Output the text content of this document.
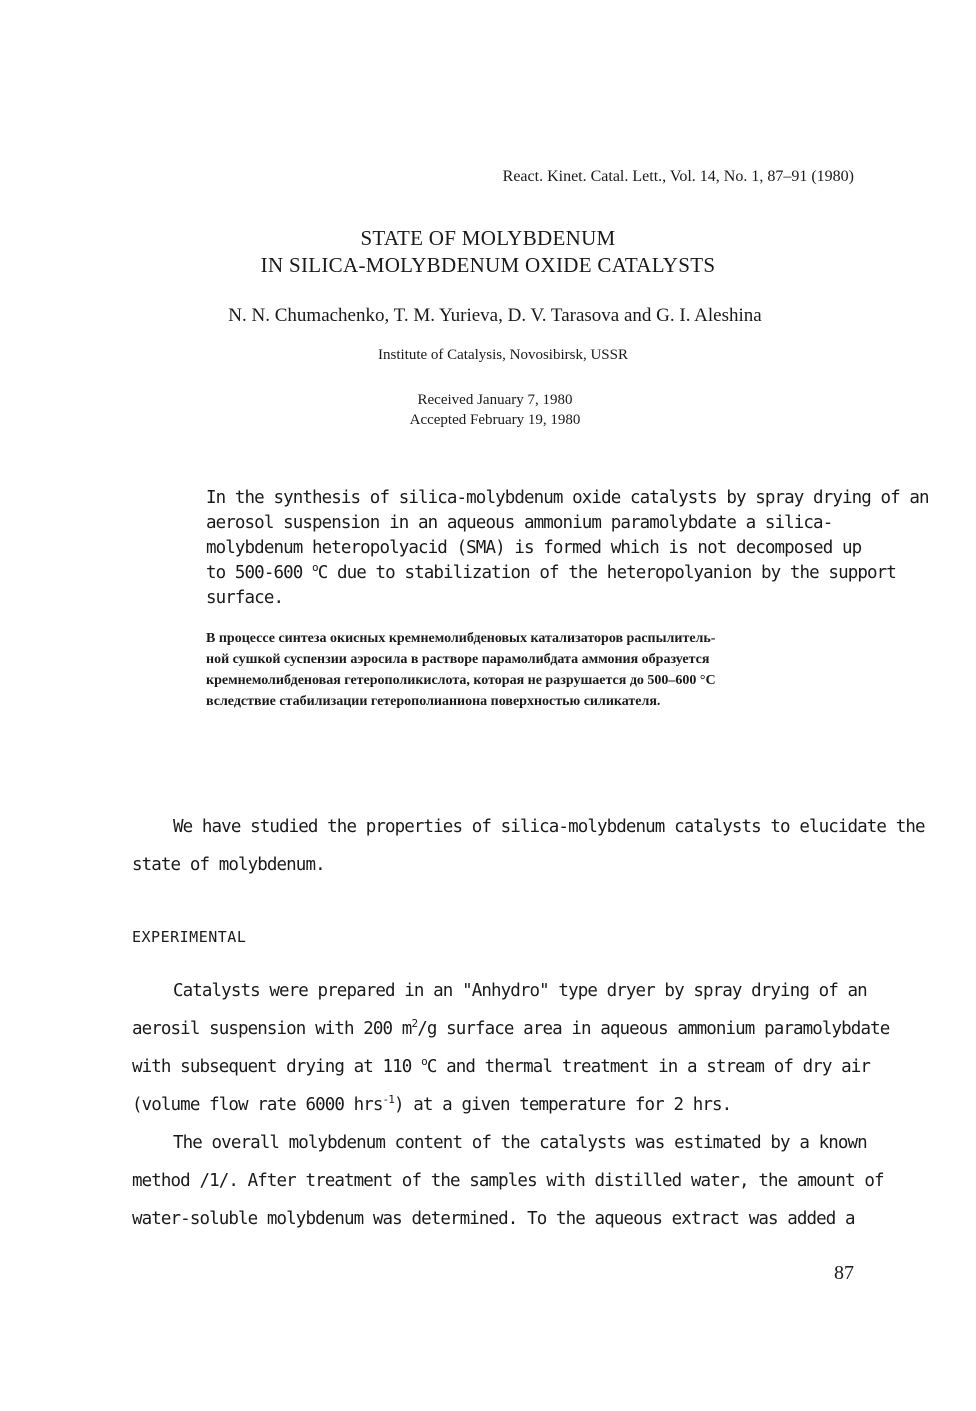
React. Kinet. Catal. Lett., Vol. 14, No. 1, 87–91 (1980)
STATE OF MOLYBDENUM
IN SILICA-MOLYBDENUM OXIDE CATALYSTS
N. N. Chumachenko, T. M. Yurieva, D. V. Tarasova and G. I. Aleshina
Institute of Catalysis, Novosibirsk, USSR
Received January 7, 1980
Accepted February 19, 1980
In the synthesis of silica-molybdenum oxide catalysts by spray drying of an
aerosol suspension in an aqueous ammonium paramolybdate a silica-
molybdenum heteropolyacid (SMA) is formed which is not decomposed up
to 500-600 $^o$C due to stabilization of the heteropolyanion by the support
surface.
В процессе синтеза окисных кремнемолибденовых катализаторов распылитель-
ной сушкой суспензии аэросила в растворе парамолибдата аммония образуется
кремнемолибденовая гетерополикислота, которая не разрушается до 500–600 °С
вследствие стабилизации гетерополианиона поверхностью силикателя.
We have studied the properties of silica-molybdenum catalysts to elucidate the
state of molybdenum.
EXPERIMENTAL
Catalysts were prepared in an "Anhydro" type dryer by spray drying of an
aerosil suspension with 200 $m^2/g$ surface area in aqueous ammonium paramolybdate
with subsequent drying at 110 $^o$C and thermal treatment in a stream of dry air
(volume flow rate 6000 hrs$^{-1}$) at a given temperature for 2 hrs.
The overall molybdenum content of the catalysts was estimated by a known
method /1/. After treatment of the samples with distilled water, the amount of
water-soluble molybdenum was determined. To the aqueous extract was added a
87
